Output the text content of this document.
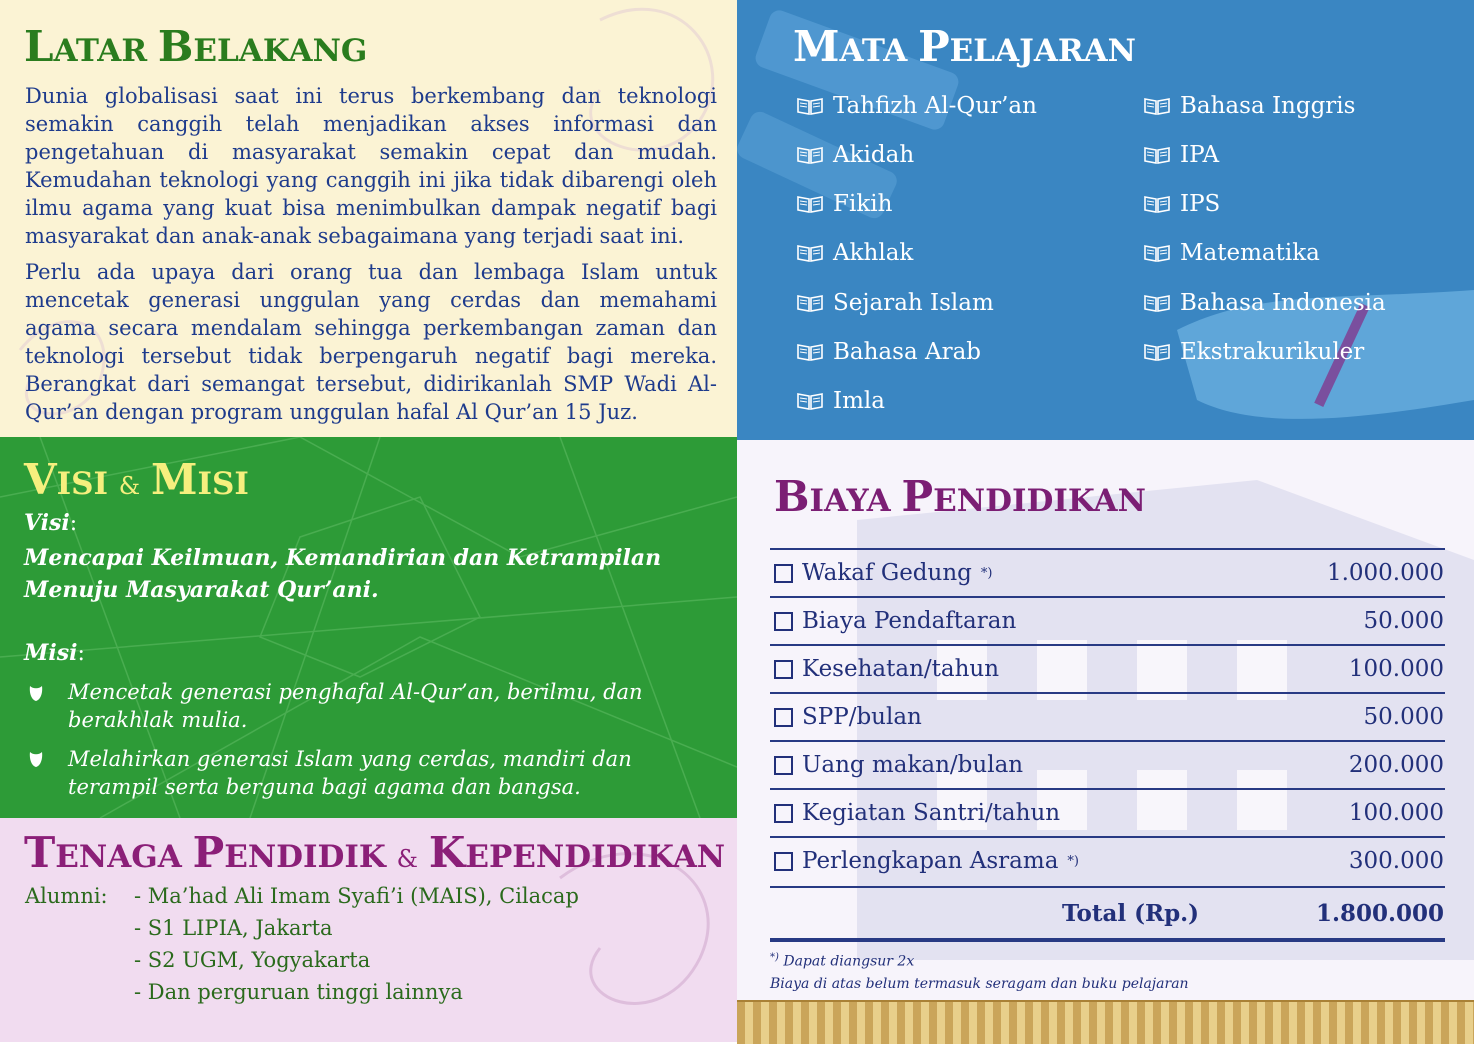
LATAR BELAKANG
Dunia globalisasi saat ini terus berkembang dan teknologi semakin canggih telah menjadikan akses informasi dan pengetahuan di masyarakat semakin cepat dan mudah. Kemudahan teknologi yang canggih ini jika tidak dibarengi oleh ilmu agama yang kuat bisa menimbulkan dampak negatif bagi masyarakat dan anak-anak sebagaimana yang terjadi saat ini.
Perlu ada upaya dari orang tua dan lembaga Islam untuk mencetak generasi unggulan yang cerdas dan memahami agama secara mendalam sehingga perkembangan zaman dan teknologi tersebut tidak berpengaruh negatif bagi mereka. Berangkat dari semangat tersebut, didirikanlah SMP Wadi Al-Qur’an dengan program unggulan hafal Al Qur’an 15 Juz.
MATA PELAJARAN
Tahfizh Al-Qur’an
Akidah
Fikih
Akhlak
Sejarah Islam
Bahasa Arab
Imla
Bahasa Inggris
IPA
IPS
Matematika
Bahasa Indonesia
Ekstrakurikuler
VISI & MISI
Visi:
Mencapai Keilmuan, Kemandirian dan Ketrampilan
Menuju Masyarakat Qur’ani.
Misi:
Mencetak generasi penghafal Al-Qur’an, berilmu, dan berakhlak mulia.
Melahirkan generasi Islam yang cerdas, mandiri dan terampil serta berguna bagi agama dan bangsa.
TENAGA PENDIDIK & KEPENDIDIKAN
Alumni: - Ma’had Ali Imam Syafi’i (MAIS), Cilacap
- S1 LIPIA, Jakarta
- S2 UGM, Yogyakarta
- Dan perguruan tinggi lainnya
BIAYA PENDIDIKAN
Wakaf Gedung *)	1.000.000
Biaya Pendaftaran	50.000
Kesehatan/tahun	100.000
SPP/bulan	50.000
Uang makan/bulan	200.000
Kegiatan Santri/tahun	100.000
Perlengkapan Asrama *)	300.000
Total (Rp.)	1.800.000
*) Dapat diangsur 2x
Biaya di atas belum termasuk seragam dan buku pelajaran
